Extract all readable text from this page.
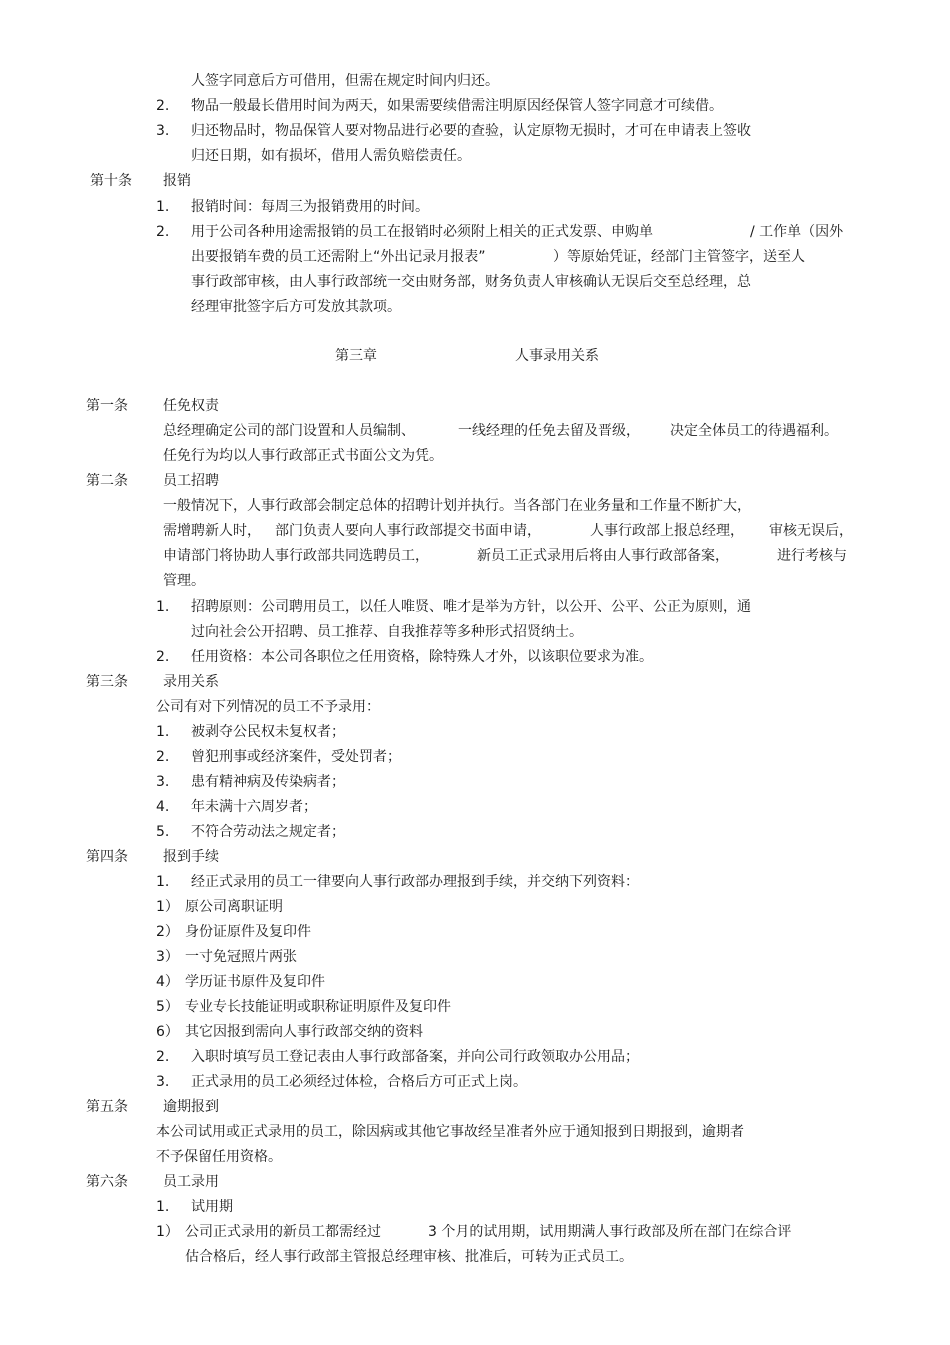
人签字同意后方可借用，但需在规定时间内归还。
2. 物品一般最长借用时间为两天，如果需要续借需注明原因经保管人签字同意才可续借。
3. 归还物品时，物品保管人要对物品进行必要的查验，认定原物无损时，才可在申请表上签收
归还日期，如有损坏，借用人需负赔偿责任。
第十条 报销
1. 报销时间：每周三为报销费用的时间。
2. 用于公司各种用途需报销的员工在报销时必须附上相关的正式发票、申购单	/ 工作单（因外
出要报销车费的员工还需附上“外出记录月报表”	）等原始凭证，经部门主管签字，送至人
事行政部审核，由人事行政部统一交由财务部，财务负责人审核确认无误后交至总经理，总
经理审批签字后方可发放其款项。
第三章	人事录用关系
第一条	任免权责
总经理确定公司的部门设置和人员编制、	一线经理的任免去留及晋级， 决定全体员工的待遇福利。
任免行为均以人事行政部正式书面公文为凭。
第二条	员工招聘
一般情况下，人事行政部会制定总体的招聘计划并执行。当各部门在业务量和工作量不断扩大，
需增聘新人时， 部门负责人要向人事行政部提交书面申请，	人事行政部上报总经理， 审核无误后，
申请部门将协助人事行政部共同选聘员工，	新员工正式录用后将由人事行政部备案，	进行考核与
管理。
1. 招聘原则：公司聘用员工，以任人唯贤、唯才是举为方针，以公开、公平、公正为原则，通
过向社会公开招聘、员工推荐、自我推荐等多种形式招贤纳士。
2. 任用资格：本公司各职位之任用资格，除特殊人才外，以该职位要求为准。
第三条	录用关系
公司有对下列情况的员工不予录用：
1. 被剥夺公民权未复权者；
2. 曾犯刑事或经济案件，受处罚者；
3. 患有精神病及传染病者；
4. 年未满十六周岁者；
5. 不符合劳动法之规定者；
第四条	报到手续
1. 经正式录用的员工一律要向人事行政部办理报到手续，并交纳下列资料：
1） 原公司离职证明
2） 身份证原件及复印件
3） 一寸免冠照片两张
4） 学历证书原件及复印件
5） 专业专长技能证明或职称证明原件及复印件
6） 其它因报到需向人事行政部交纳的资料
2. 入职时填写员工登记表由人事行政部备案，并向公司行政领取办公用品；
3. 正式录用的员工必须经过体检，合格后方可正式上岗。
第五条	逾期报到
本公司试用或正式录用的员工，除因病或其他它事故经呈准者外应于通知报到日期报到，逾期者
不予保留任用资格。
第六条	员工录用
1. 试用期
1） 公司正式录用的新员工都需经过	3 个月的试用期，试用期满人事行政部及所在部门在综合评
估合格后，经人事行政部主管报总经理审核、批准后，可转为正式员工。
